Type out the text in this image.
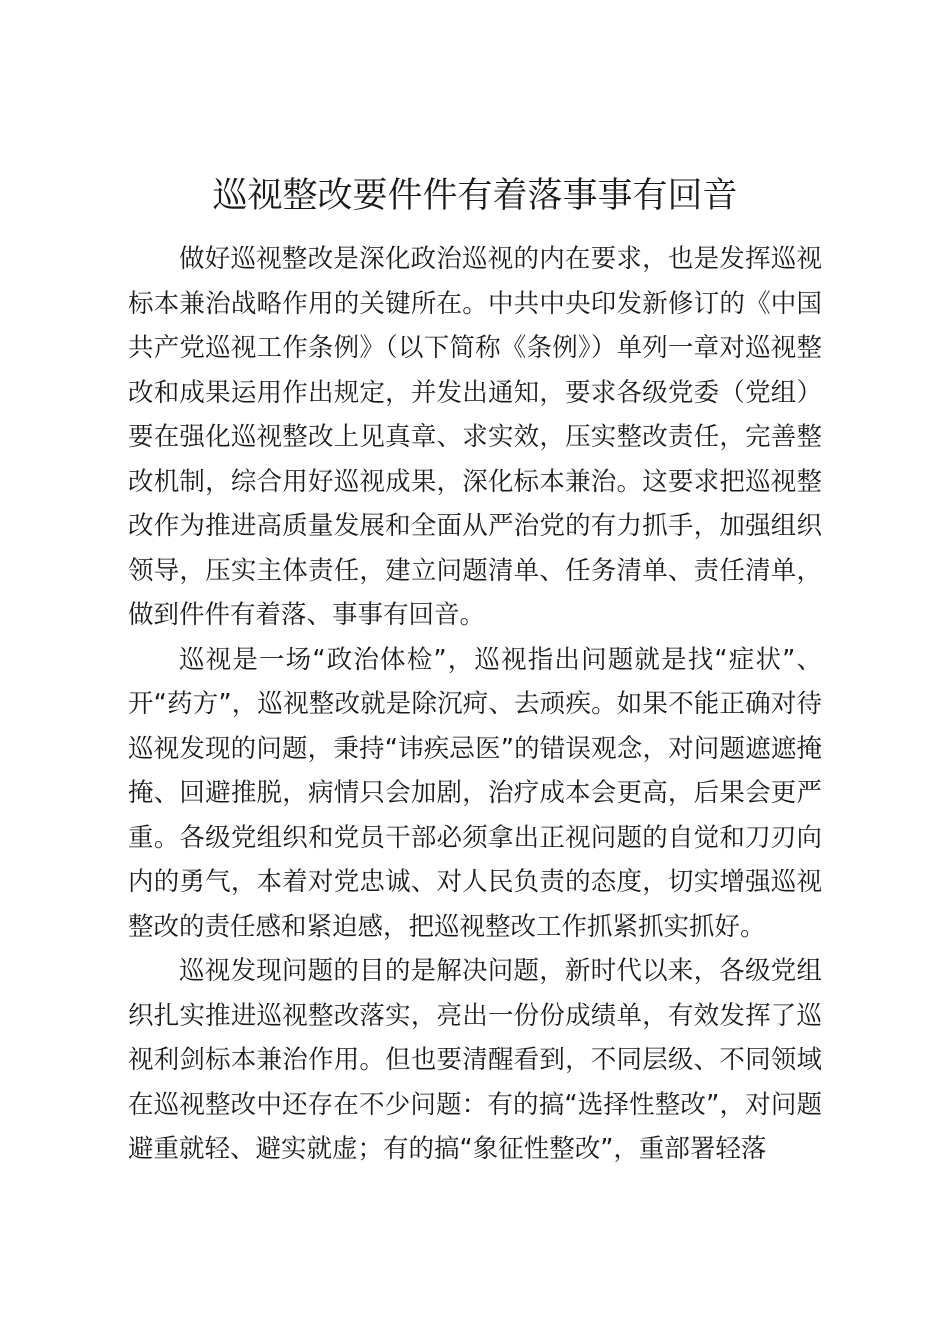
巡视整改要件件有着落事事有回音

做好巡视整改是深化政治巡视的内在要求，也是发挥巡视标本兼治战略作用的关键所在。中共中央印发新修订的《中国共产党巡视工作条例》（以下简称《条例》）单列一章对巡视整改和成果运用作出规定，并发出通知，要求各级党委（党组）要在强化巡视整改上见真章、求实效，压实整改责任，完善整改机制，综合用好巡视成果，深化标本兼治。这要求把巡视整改作为推进高质量发展和全面从严治党的有力抓手，加强组织领导，压实主体责任，建立问题清单、任务清单、责任清单，做到件件有着落、事事有回音。

巡视是一场“政治体检”，巡视指出问题就是找“症状”、开“药方”，巡视整改就是除沉疴、去顽疾。如果不能正确对待巡视发现的问题，秉持“讳疾忌医”的错误观念，对问题遮遮掩掩、回避推脱，病情只会加剧，治疗成本会更高，后果会更严重。各级党组织和党员干部必须拿出正视问题的自觉和刀刃向内的勇气，本着对党忠诚、对人民负责的态度，切实增强巡视整改的责任感和紧迫感，把巡视整改工作抓紧抓实抓好。

巡视发现问题的目的是解决问题，新时代以来，各级党组织扎实推进巡视整改落实，亮出一份份成绩单，有效发挥了巡视利剑标本兼治作用。但也要清醒看到，不同层级、不同领域在巡视整改中还存在不少问题：有的搞“选择性整改”，对问题避重就轻、避实就虚；有的搞“象征性整改”，重部署轻落
